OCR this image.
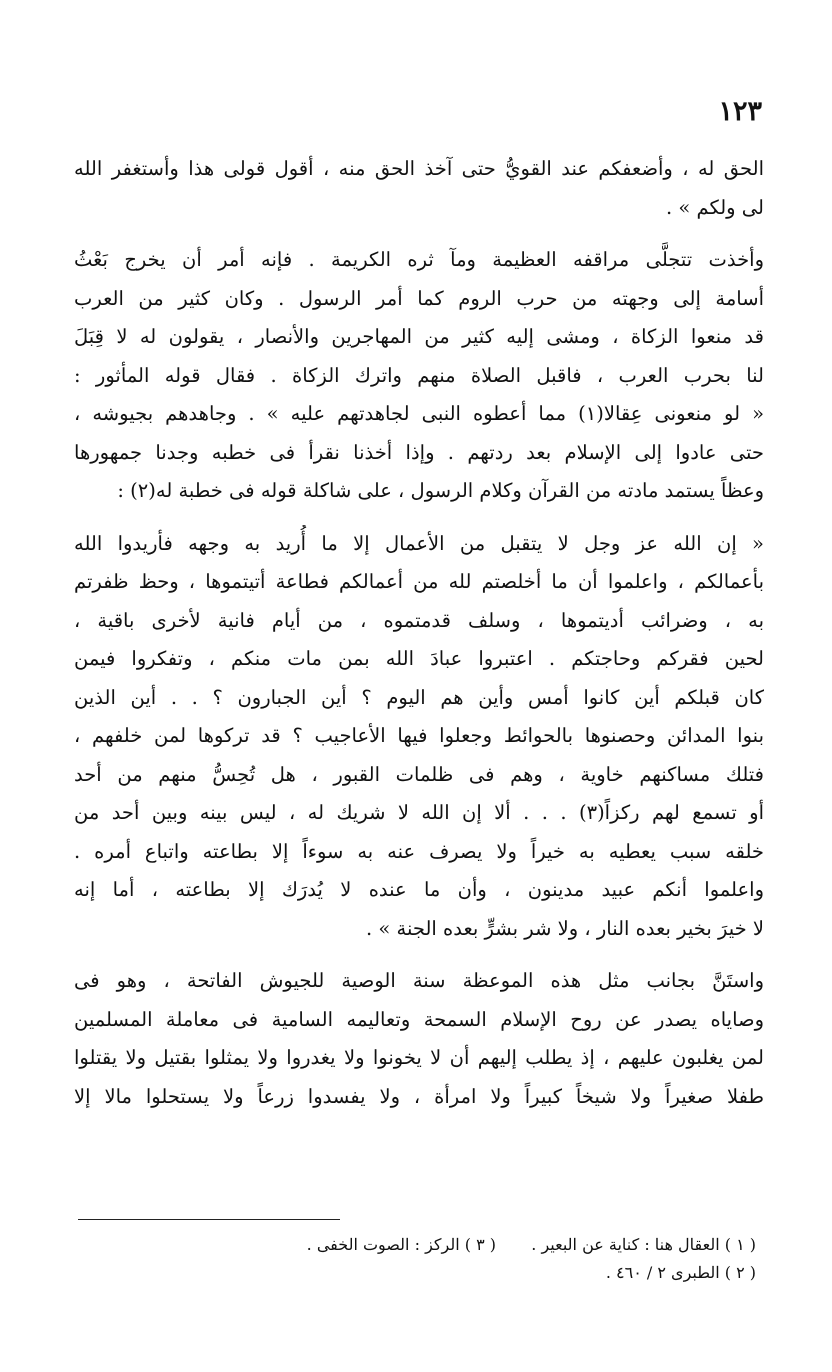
١٢٣
الحق له ، وأضعفكم عند القويُّ حتى آخذ الحق منه ، أقول قولى هذا وأستغفر الله
لى ولكم » .
وأخذت تتجلَّى مراقفه العظيمة ومآ ثره الكريمة . فإنه أمر أن يخرج بَعْثُ
أسامة إلى وجهته من حرب الروم كما أمر الرسول . وكان كثير من العرب
قد منعوا الزكاة ، ومشى إليه كثير من المهاجرين والأنصار ، يقولون له لا قِبَلَ
لنا بحرب العرب ، فاقبل الصلاة منهم واترك الزكاة . فقال قوله المأثور :
« لو منعونى عِقالا(١) مما أعطوه النبى لجاهدتهم عليه » . وجاهدهم بجيوشه ،
حتى عادوا إلى الإسلام بعد ردتهم . وإذا أخذنا نقرأ فى خطبه وجدنا جمهورها
وعظاً يستمد مادته من القرآن وكلام الرسول ، على شاكلة قوله فى خطبة له(٢) :
« إن الله عز وجل لا يتقبل من الأعمال إلا ما أُريد به وجهه فأريدوا الله
بأعمالكم ، واعلموا أن ما أخلصتم لله من أعمالكم فطاعة أتيتموها ، وحظ ظفرتم
به ، وضرائب أديتموها ، وسلف قدمتموه ، من أيام فانية لأخرى باقية ،
لحين فقركم وحاجتكم . اعتبروا عبادَ الله بمن مات منكم ، وتفكروا فيمن
كان قبلكم أين كانوا أمس وأين هم اليوم ؟ أين الجبارون ؟ . . أين الذين
بنوا المدائن وحصنوها بالحوائط وجعلوا فيها الأعاجيب ؟ قد تركوها لمن خلفهم ،
فتلك مساكنهم خاوية ، وهم فى ظلمات القبور ، هل تُحِسُّ منهم من أحد
أو تسمع لهم ركزاً(٣) . . . ألا إن الله لا شريك له ، ليس بينه وبين أحد من
خلقه سبب يعطيه به خيراً ولا يصرف عنه به سوءاً إلا بطاعته واتباع أمره .
واعلموا أنكم عبيد مدينون ، وأن ما عنده لا يُدرَك إلا بطاعته ، أما إنه
لا خيرَ بخير بعده النار ، ولا شر بشرٍّ بعده الجنة » .
واستَنَّ بجانب مثل هذه الموعظة سنة الوصية للجيوش الفاتحة ، وهو فى
وصاياه يصدر عن روح الإسلام السمحة وتعاليمه السامية فى معاملة المسلمين
لمن يغلبون عليهم ، إذ يطلب إليهم أن لا يخونوا ولا يغدروا ولا يمثلوا بقتيل ولا يقتلوا
طفلا صغيراً ولا شيخاً كبيراً ولا امرأة ، ولا يفسدوا زرعاً ولا يستحلوا مالا إلا
( ١ ) العقال هنا : كناية عن البعير .
( ٣ ) الركز : الصوت الخفى .
( ٢ ) الطبرى ٢ / ٤٦٠ .
